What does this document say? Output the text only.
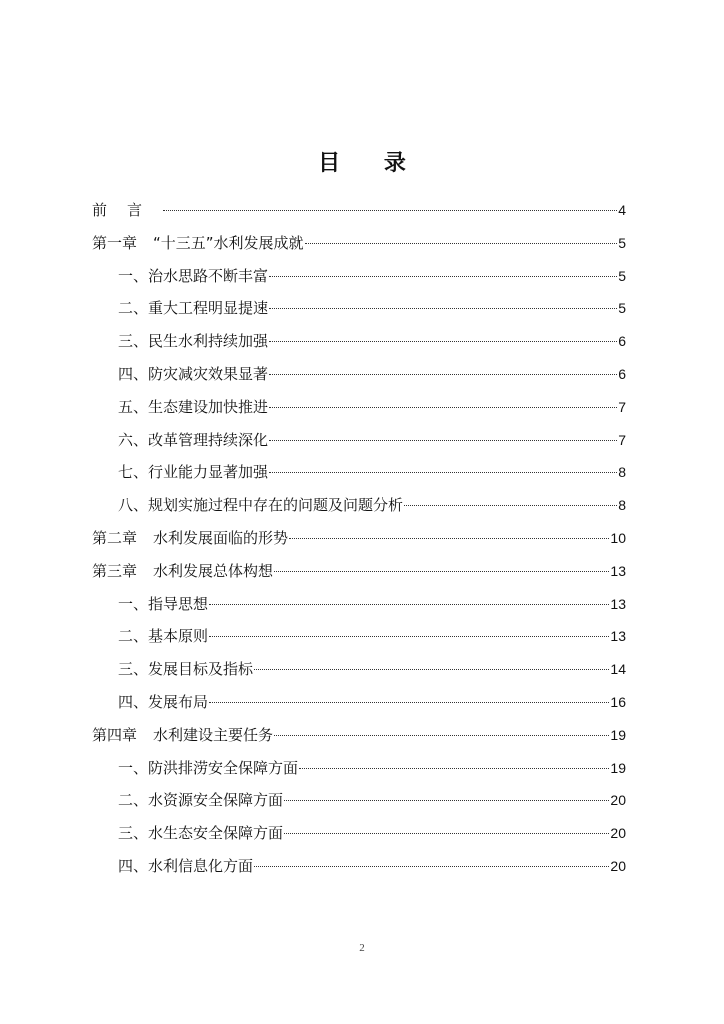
目 录
前言	4
第一章 “十三五”水利发展成就	5
一、治水思路不断丰富	5
二、重大工程明显提速	5
三、民生水利持续加强	6
四、防灾减灾效果显著	6
五、生态建设加快推进	7
六、改革管理持续深化	7
七、行业能力显著加强	8
八、规划实施过程中存在的问题及问题分析	8
第二章 水利发展面临的形势	10
第三章 水利发展总体构想	13
一、指导思想	13
二、基本原则	13
三、发展目标及指标	14
四、发展布局	16
第四章 水利建设主要任务	19
一、防洪排涝安全保障方面	19
二、水资源安全保障方面	20
三、水生态安全保障方面	20
四、水利信息化方面	20
2
